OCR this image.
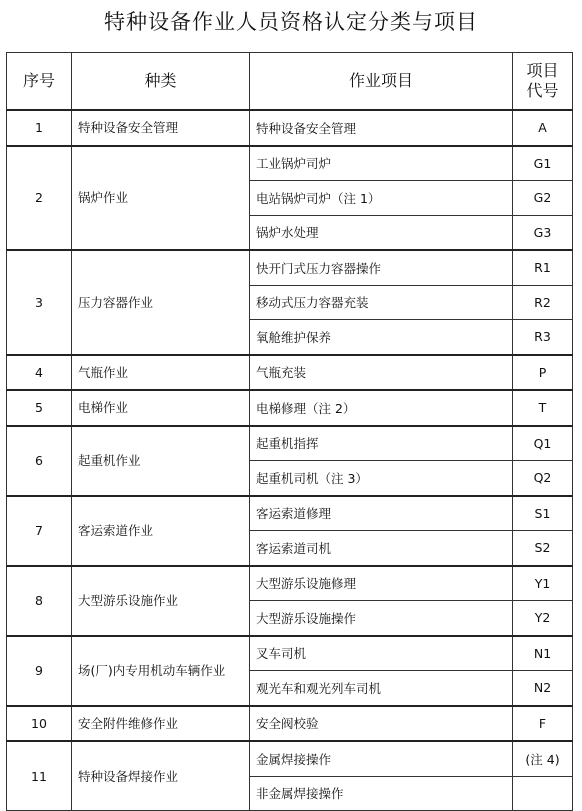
特种设备作业人员资格认定分类与项目
序号	种类	作业项目	项目
代号
1	特种设备安全管理	特种设备安全管理	A
2	锅炉作业	工业锅炉司炉	G1
		电站锅炉司炉（注 1）	G2
		锅炉水处理	G3
3	压力容器作业	快开门式压力容器操作	R1
		移动式压力容器充装	R2
		氧舱维护保养	R3
4	气瓶作业	气瓶充装	P
5	电梯作业	电梯修理（注 2）	T
6	起重机作业	起重机指挥	Q1
		起重机司机（注 3）	Q2
7	客运索道作业	客运索道修理	S1
		客运索道司机	S2
8	大型游乐设施作业	大型游乐设施修理	Y1
		大型游乐设施操作	Y2
9	场(厂)内专用机动车辆作业	叉车司机	N1
		观光车和观光列车司机	N2
10	安全附件维修作业	安全阀校验	F
11	特种设备焊接作业	金属焊接操作	(注 4)
		非金属焊接操作	
